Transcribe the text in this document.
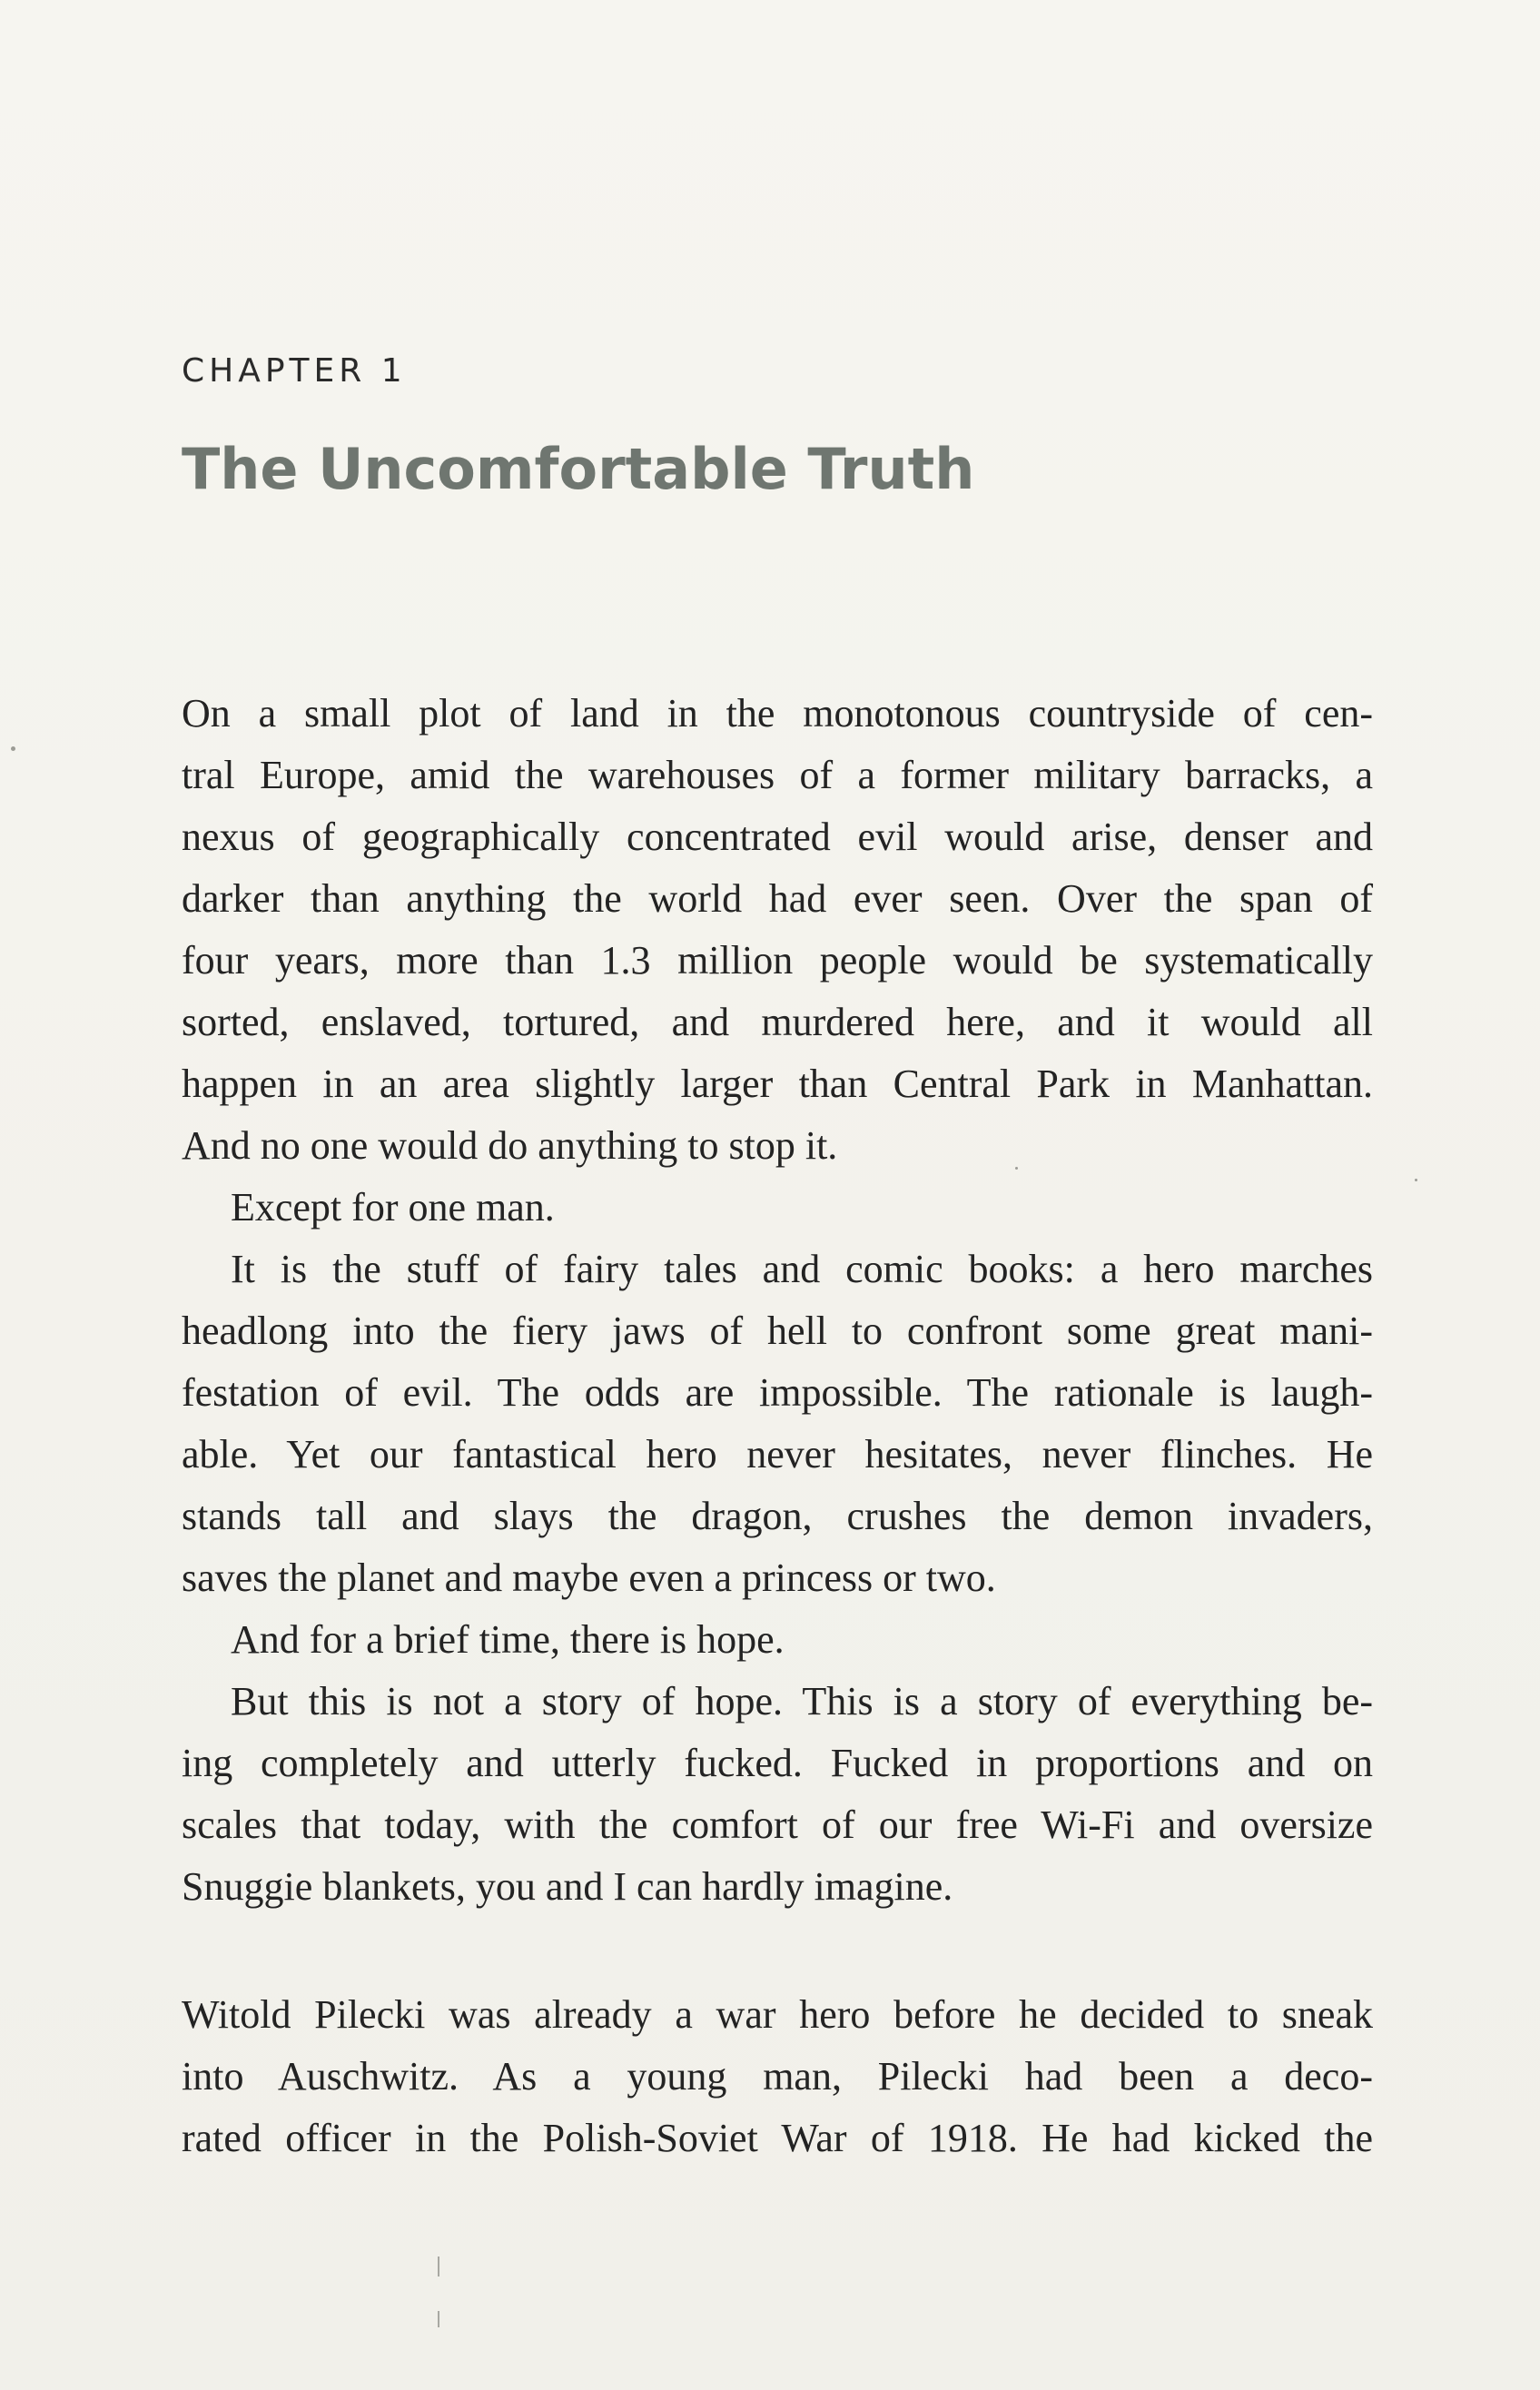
CHAPTER 1
The Uncomfortable Truth
On a small plot of land in the monotonous countryside of cen-
tral Europe, amid the warehouses of a former military barracks, a
nexus of geographically concentrated evil would arise, denser and
darker than anything the world had ever seen. Over the span of
four years, more than 1.3 million people would be systematically
sorted, enslaved, tortured, and murdered here, and it would all
happen in an area slightly larger than Central Park in Manhattan.
And no one would do anything to stop it.
Except for one man.
It is the stuff of fairy tales and comic books: a hero marches
headlong into the fiery jaws of hell to confront some great mani-
festation of evil. The odds are impossible. The rationale is laugh-
able. Yet our fantastical hero never hesitates, never flinches. He
stands tall and slays the dragon, crushes the demon invaders,
saves the planet and maybe even a princess or two.
And for a brief time, there is hope.
But this is not a story of hope. This is a story of everything be-
ing completely and utterly fucked. Fucked in proportions and on
scales that today, with the comfort of our free Wi-Fi and oversize
Snuggie blankets, you and I can hardly imagine.
Witold Pilecki was already a war hero before he decided to sneak
into Auschwitz. As a young man, Pilecki had been a deco-
rated officer in the Polish-Soviet War of 1918. He had kicked the
